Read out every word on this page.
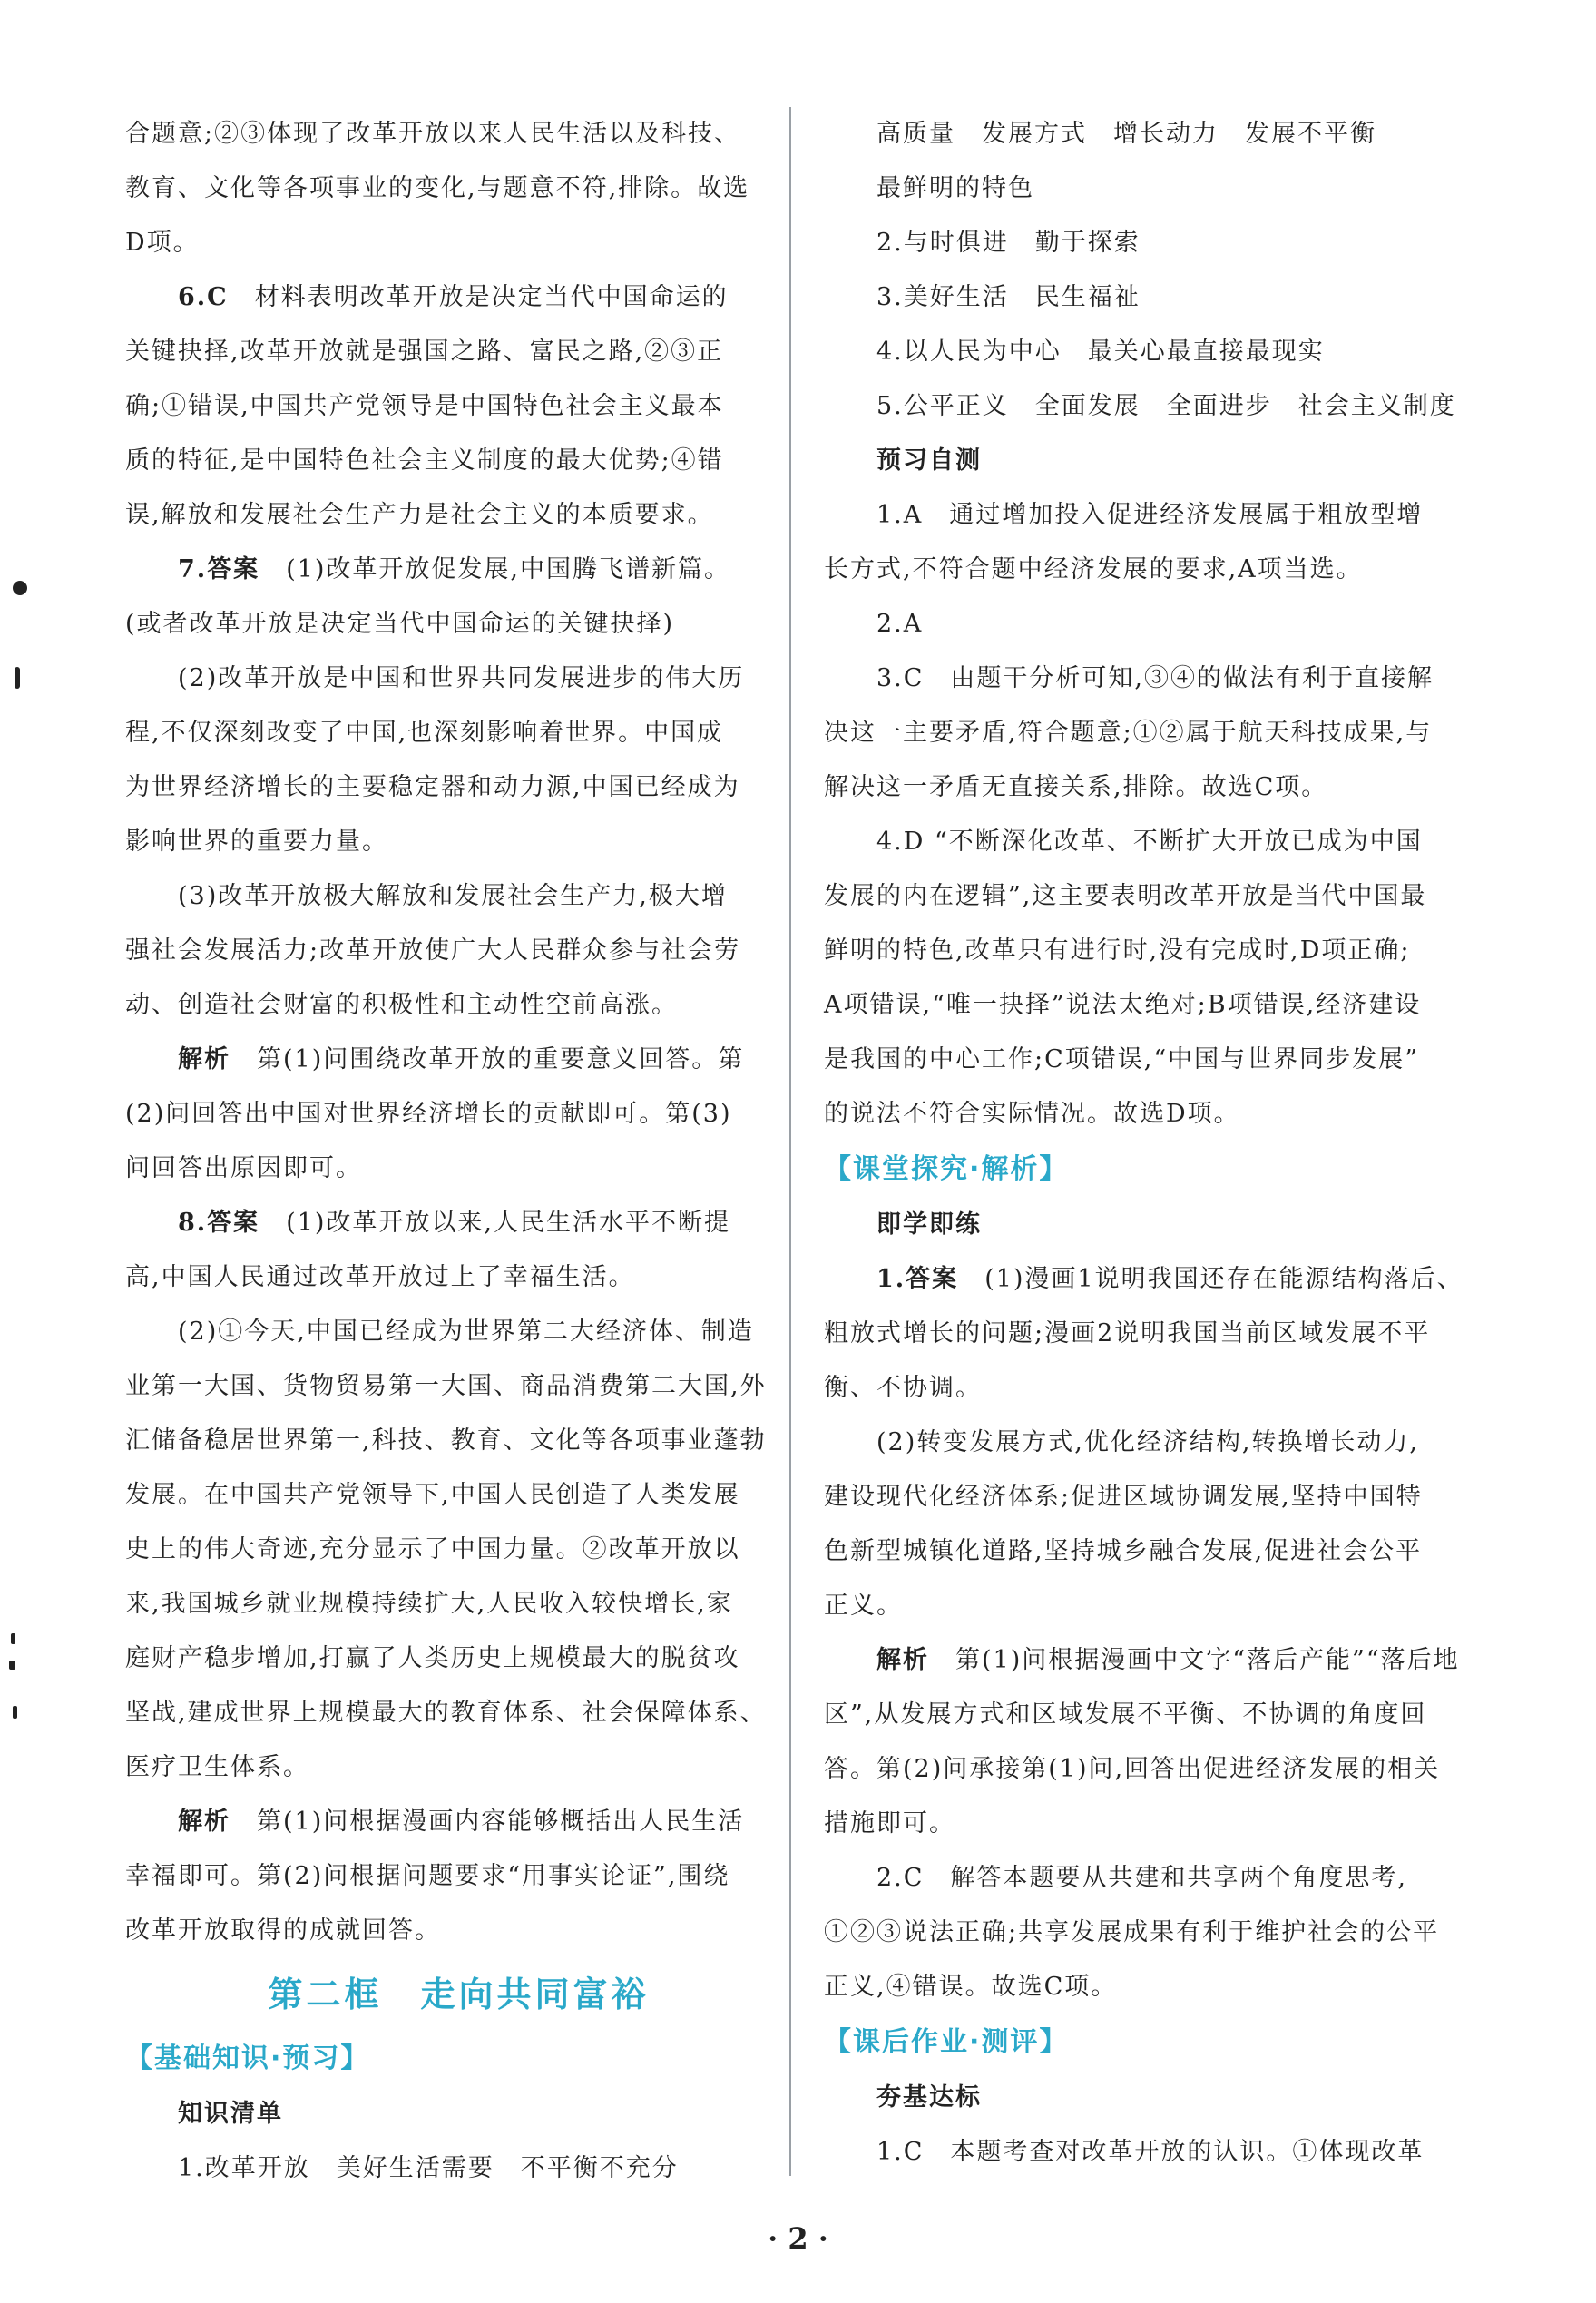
合题意;②③体现了改革开放以来人民生活以及科技、

教育、文化等各项事业的变化,与题意不符,排除。故选

D项。

6.C　 材料表明改革开放是决定当代中国命运的

关键抉择,改革开放就是强国之路、富民之路,②③正

确;①错误,中国共产党领导是中国特色社会主义最本

质的特征,是中国特色社会主义制度的最大优势;④错

误,解放和发展社会生产力是社会主义的本质要求。

7.答案　 (1)改革开放促发展,中国腾飞谱新篇。

(或者改革开放是决定当代中国命运的关键抉择)

(2)改革开放是中国和世界共同发展进步的伟大历

程,不仅深刻改变了中国,也深刻影响着世界。中国成

为世界经济增长的主要稳定器和动力源,中国已经成为

影响世界的重要力量。

(3)改革开放极大解放和发展社会生产力,极大增

强社会发展活力;改革开放使广大人民群众参与社会劳

动、创造社会财富的积极性和主动性空前高涨。

解析　 第(1)问围绕改革开放的重要意义回答。第

(2)问回答出中国对世界经济增长的贡献即可。第(3)

问回答出原因即可。

8.答案　 (1)改革开放以来,人民生活水平不断提

高,中国人民通过改革开放过上了幸福生活。

(2)①今天,中国已经成为世界第二大经济体、制造

业第一大国、货物贸易第一大国、商品消费第二大国,外

汇储备稳居世界第一,科技、教育、文化等各项事业蓬勃

发展。在中国共产党领导下,中国人民创造了人类发展

史上的伟大奇迹,充分显示了中国力量。②改革开放以

来,我国城乡就业规模持续扩大,人民收入较快增长,家

庭财产稳步增加,打赢了人类历史上规模最大的脱贫攻

坚战,建成世界上规模最大的教育体系、社会保障体系、

医疗卫生体系。

解析　 第(1)问根据漫画内容能够概括出人民生活

幸福即可。第(2)问根据问题要求“用事实论证”,围绕

改革开放取得的成就回答。

第二框　走向共同富裕
【基础知识·预习】

知识清单

1.改革开放　美好生活需要　不平衡不充分

高质量　发展方式　增长动力　发展不平衡

最鲜明的特色

2.与时俱进　勤于探索

3.美好生活　民生福祉

4.以人民为中心　最关心最直接最现实

5.公平正义　全面发展　全面进步　社会主义制度

预习自测

1.A　通过增加投入促进经济发展属于粗放型增

长方式,不符合题中经济发展的要求,A项当选。

2.A

3.C　由题干分析可知,③④的做法有利于直接解

决这一主要矛盾,符合题意;①②属于航天科技成果,与

解决这一矛盾无直接关系,排除。故选C项。

4.D “不断深化改革、不断扩大开放已成为中国

发展的内在逻辑”,这主要表明改革开放是当代中国最

鲜明的特色,改革只有进行时,没有完成时,D项正确;

A项错误,“唯一抉择”说法太绝对;B项错误,经济建设

是我国的中心工作;C项错误,“中国与世界同步发展”

的说法不符合实际情况。故选D项。

【课堂探究·解析】

即学即练

1.答案　 (1)漫画1说明我国还存在能源结构落后、

粗放式增长的问题;漫画2说明我国当前区域发展不平

衡、不协调。

(2)转变发展方式,优化经济结构,转换增长动力,

建设现代化经济体系;促进区域协调发展,坚持中国特

色新型城镇化道路,坚持城乡融合发展,促进社会公平

正义。

解析　 第(1)问根据漫画中文字“落后产能”“落后地

区”,从发展方式和区域发展不平衡、不协调的角度回

答。第(2)问承接第(1)问,回答出促进经济发展的相关

措施即可。

2.C　解答本题要从共建和共享两个角度思考,

①②③说法正确;共享发展成果有利于维护社会的公平

正义,④错误。故选C项。

【课后作业·测评】

夯基达标

1.C　本题考查对改革开放的认识。①体现改革

· 2 ·
